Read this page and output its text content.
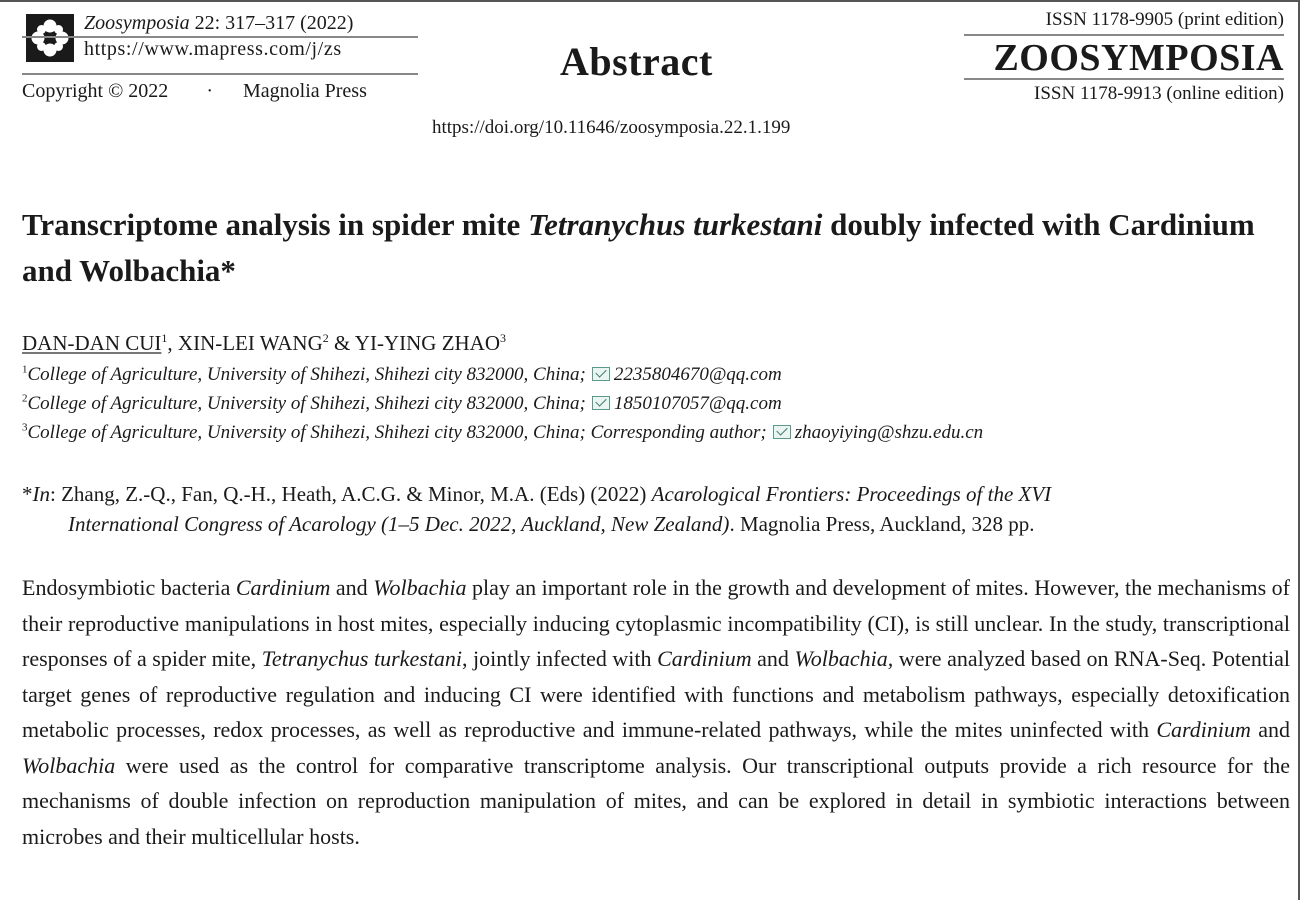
Zoosymposia 22: 317–317 (2022)
https://www.mapress.com/j/zs
Copyright © 2022 · Magnolia Press
Abstract
ISSN 1178-9905 (print edition)
ZOOSYMPOSIA
ISSN 1178-9913 (online edition)
https://doi.org/10.11646/zoosymposia.22.1.199
Transcriptome analysis in spider mite Tetranychus turkestani doubly infected with Cardinium and Wolbachia*
DAN-DAN CUI$^1$, XIN-LEI WANG$^2$ & YI-YING ZHAO$^3$
$^1$College of Agriculture, University of Shihezi, Shihezi city 832000, China; 2235804670@qq.com
$^2$College of Agriculture, University of Shihezi, Shihezi city 832000, China; 1850107057@qq.com
$^3$College of Agriculture, University of Shihezi, Shihezi city 832000, China; Corresponding author; zhaoyiying@shzu.edu.cn
*In: Zhang, Z.-Q., Fan, Q.-H., Heath, A.C.G. & Minor, M.A. (Eds) (2022) Acarological Frontiers: Proceedings of the XVI
International Congress of Acarology (1–5 Dec. 2022, Auckland, New Zealand). Magnolia Press, Auckland, 328 pp.
Endosymbiotic bacteria Cardinium and Wolbachia play an important role in the growth and development of mites. However, the mechanisms of their reproductive manipulations in host mites, especially inducing cytoplasmic incompatibility (CI), is still unclear. In the study, transcriptional responses of a spider mite, Tetranychus turkestani, jointly infected with Cardinium and Wolbachia, were analyzed based on RNA-Seq. Potential target genes of reproductive regulation and inducing CI were identified with functions and metabolism pathways, especially detoxification metabolic processes, redox processes, as well as reproductive and immune-related pathways, while the mites uninfected with Cardinium and Wolbachia were used as the control for comparative transcriptome analysis. Our transcriptional outputs provide a rich resource for the mechanisms of double infection on reproduction manipulation of mites, and can be explored in detail in symbiotic interactions between microbes and their multicellular hosts.
